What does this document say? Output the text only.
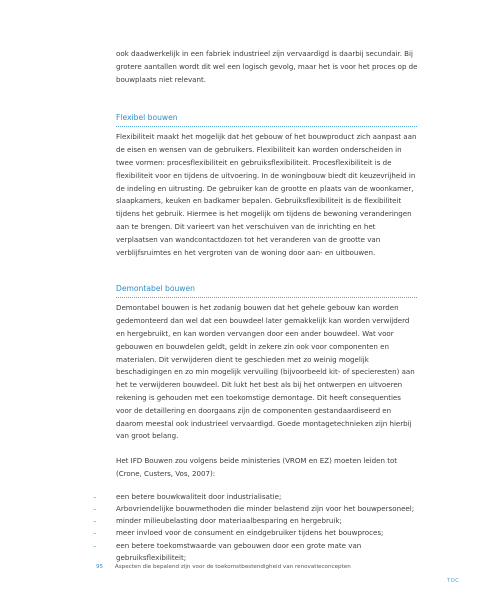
ook daadwerkelijk in een fabriek industrieel zijn vervaardigd is daarbij secundair. Bij grotere aantallen wordt dit wel een logisch gevolg, maar het is voor het proces op de bouwplaats niet relevant.

Flexibel bouwen

Flexibiliteit maakt het mogelijk dat het gebouw of het bouwproduct zich aanpast aan de eisen en wensen van de gebruikers. Flexibiliteit kan worden onderscheiden in twee vormen: procesflexibiliteit en gebruiksflexibiliteit. Procesflexibiliteit is de flexibiliteit voor en tijdens de uitvoering. In de woningbouw biedt dit keuzevrijheid in de indeling en uitrusting. De gebruiker kan de grootte en plaats van de woonkamer, slaapkamers, keuken en badkamer bepalen. Gebruiksflexibiliteit is de flexibiliteit tijdens het gebruik. Hiermee is het mogelijk om tijdens de bewoning veranderingen aan te brengen. Dit varieert van het verschuiven van de inrichting en het verplaatsen van wandcontactdozen tot het veranderen van de grootte van verblijfsruimtes en het vergroten van de woning door aan- en uitbouwen.

Demontabel bouwen

Demontabel bouwen is het zodanig bouwen dat het gehele gebouw kan worden gedemonteerd dan wel dat een bouwdeel later gemakkelijk kan worden verwijderd en hergebruikt, en kan worden vervangen door een ander bouwdeel. Wat voor gebouwen en bouwdelen geldt, geldt in zekere zin ook voor componenten en materialen. Dit verwijderen dient te geschieden met zo weinig mogelijk beschadigingen en zo min mogelijk vervuiling (bijvoorbeeld kit- of specieresten) aan het te verwijderen bouwdeel. Dit lukt het best als bij het ontwerpen en uitvoeren rekening is gehouden met een toekomstige demontage. Dit heeft consequenties voor de detaillering en doorgaans zijn de componenten gestandaardiseerd en daarom meestal ook industrieel vervaardigd. Goede montagetechnieken zijn hierbij van groot belang.

Het IFD Bouwen zou volgens beide ministeries (VROM en EZ) moeten leiden tot (Crone, Custers, Vos, 2007):

–	een betere bouwkwaliteit door industrialisatie;
–	Arbovriendelijke bouwmethoden die minder belastend zijn voor het bouwpersoneel;
–	minder milieubelasting door materiaalbesparing en hergebruik;
–	meer invloed voor de consument en eindgebruiker tijdens het bouwproces;
–	een betere toekomstwaarde van gebouwen door een grote mate van gebruiksflexibiliteit;
95 Aspecten die bepalend zijn voor de toekomstbestendigheid van renovatieconcepten
TOC
